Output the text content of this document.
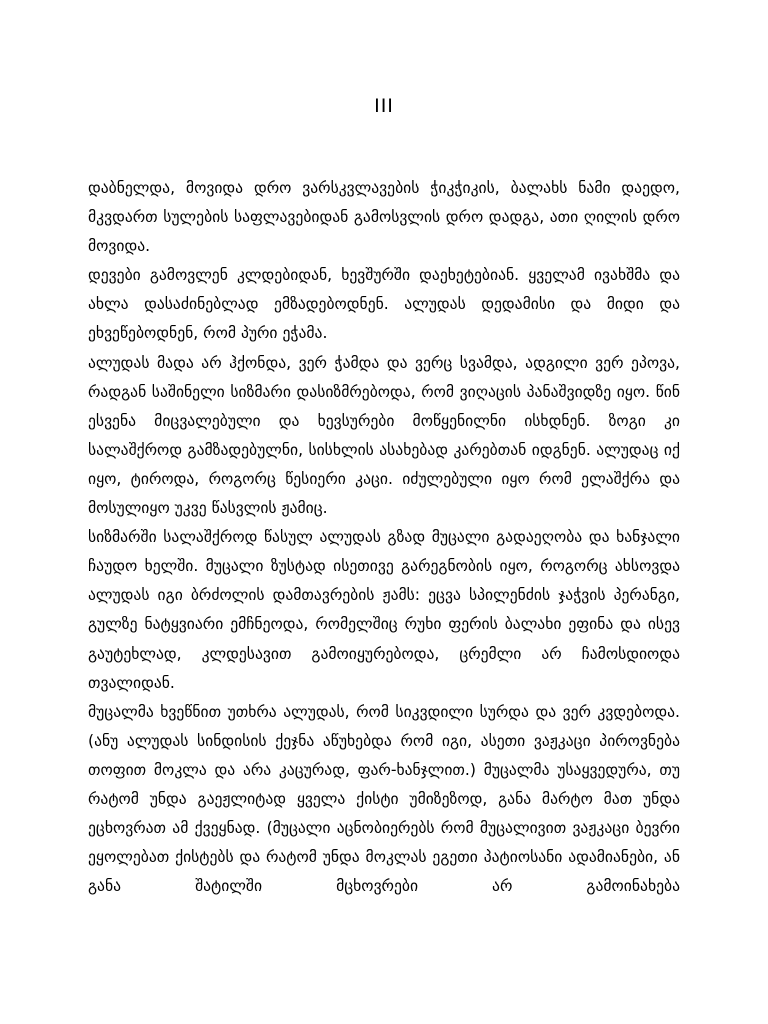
III

დაბნელდა, მოვიდა დრო ვარსკვლავების ჭიკჭიკის, ბალახს ნამი დაედო, მკვდართ სულების საფლავებიდან გამოსვლის დრო დადგა, ათი ღილის დრო მოვიდა.

დევები გამოვლენ კლდებიდან, ხევშურში დაეხეტებიან. ყველამ ივახშმა და ახლა დასაძინებლად ემზადებოდნენ. ალუდას დედამისი და მიდი და ეხვეწებოდნენ, რომ პური ეჭამა.

ალუდას მადა არ ჰქონდა, ვერ ჭამდა და ვერც სვამდა, ადგილი ვერ ეპოვა, რადგან საშინელი სიზმარი დასიზმრებოდა, რომ ვიღაცის პანაშვიდზე იყო. წინ ესვენა მიცვალებული და ხევსურები მოწყენილნი ისხდნენ. ზოგი კი სალაშქროდ გამზადებულნი, სისხლის ასახებად კარებთან იდგნენ. ალუდაც იქ იყო, ტიროდა, როგორც წესიერი კაცი. იძულებული იყო რომ ელაშქრა და მოსულიყო უკვე წასვლის ჟამიც.

სიზმარში სალაშქროდ წასულ ალუდას გზად მუცალი გადაეღობა და ხანჯალი ჩაუდო ხელში. მუცალი ზუსტად ისეთივე გარეგნობის იყო, როგორც ახსოვდა ალუდას იგი ბრძოლის დამთავრების ჟამს: ეცვა სპილენძის ჯაჭვის პერანგი, გულზე ნატყვიარი ემჩნეოდა, რომელშიც რუხი ფერის ბალახი ეფინა და ისევ გაუტეხლად, კლდესავით გამოიყურებოდა, ცრემლი არ ჩამოსდიოდა თვალიდან.

მუცალმა ხვეწნით უთხრა ალუდას, რომ სიკვდილი სურდა და ვერ კვდებოდა. (ანუ ალუდას სინდისის ქეჯნა აწუხებდა რომ იგი, ასეთი ვაჟკაცი პიროვნება თოფით მოკლა და არა კაცურად, ფარ-ხანჯლით.) მუცალმა უსაყვედურა, თუ რატომ უნდა გაეჟლიტად ყველა ქისტი უმიზეზოდ, განა მარტო მათ უნდა ეცხოვრათ ამ ქვეყნად. (მუცალი აცნობიერებს რომ მუცალივით ვაჟკაცი ბევრი ეყოლებათ ქისტებს და რატომ უნდა მოკლას ეგეთი პატიოსანი ადამიანები, ან განა შატილში მცხოვრები არ გამოინახება
